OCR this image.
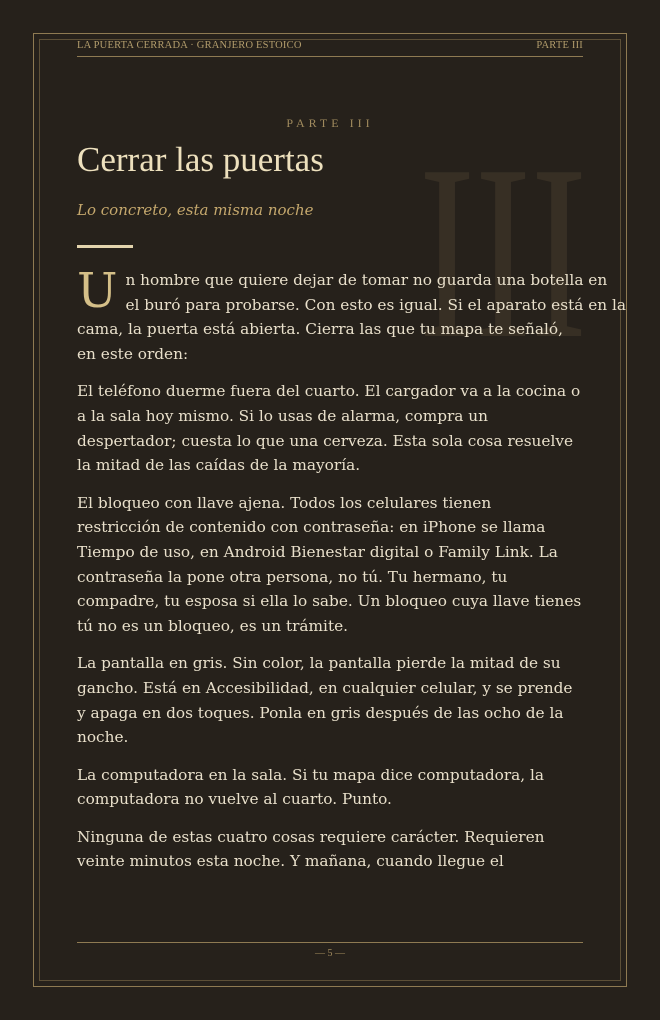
LA PUERTA CERRADA · GRANJERO ESTOICO	PARTE III
III
PARTE III
Cerrar las puertas

Lo concreto, esta misma noche

U n hombre que quiere dejar de tomar no guarda una botella en
el buró para probarse. Con esto es igual. Si el aparato está en la
cama, la puerta está abierta. Cierra las que tu mapa te señaló,
en este orden:

El teléfono duerme fuera del cuarto. El cargador va a la cocina o
a la sala hoy mismo. Si lo usas de alarma, compra un
despertador; cuesta lo que una cerveza. Esta sola cosa resuelve
la mitad de las caídas de la mayoría.

El bloqueo con llave ajena. Todos los celulares tienen
restricción de contenido con contraseña: en iPhone se llama
Tiempo de uso, en Android Bienestar digital o Family Link. La
contraseña la pone otra persona, no tú. Tu hermano, tu
compadre, tu esposa si ella lo sabe. Un bloqueo cuya llave tienes
tú no es un bloqueo, es un trámite.

La pantalla en gris. Sin color, la pantalla pierde la mitad de su
gancho. Está en Accesibilidad, en cualquier celular, y se prende
y apaga en dos toques. Ponla en gris después de las ocho de la
noche.

La computadora en la sala. Si tu mapa dice computadora, la
computadora no vuelve al cuarto. Punto.

Ninguna de estas cuatro cosas requiere carácter. Requieren
veinte minutos esta noche. Y mañana, cuando llegue el

— 5 —
